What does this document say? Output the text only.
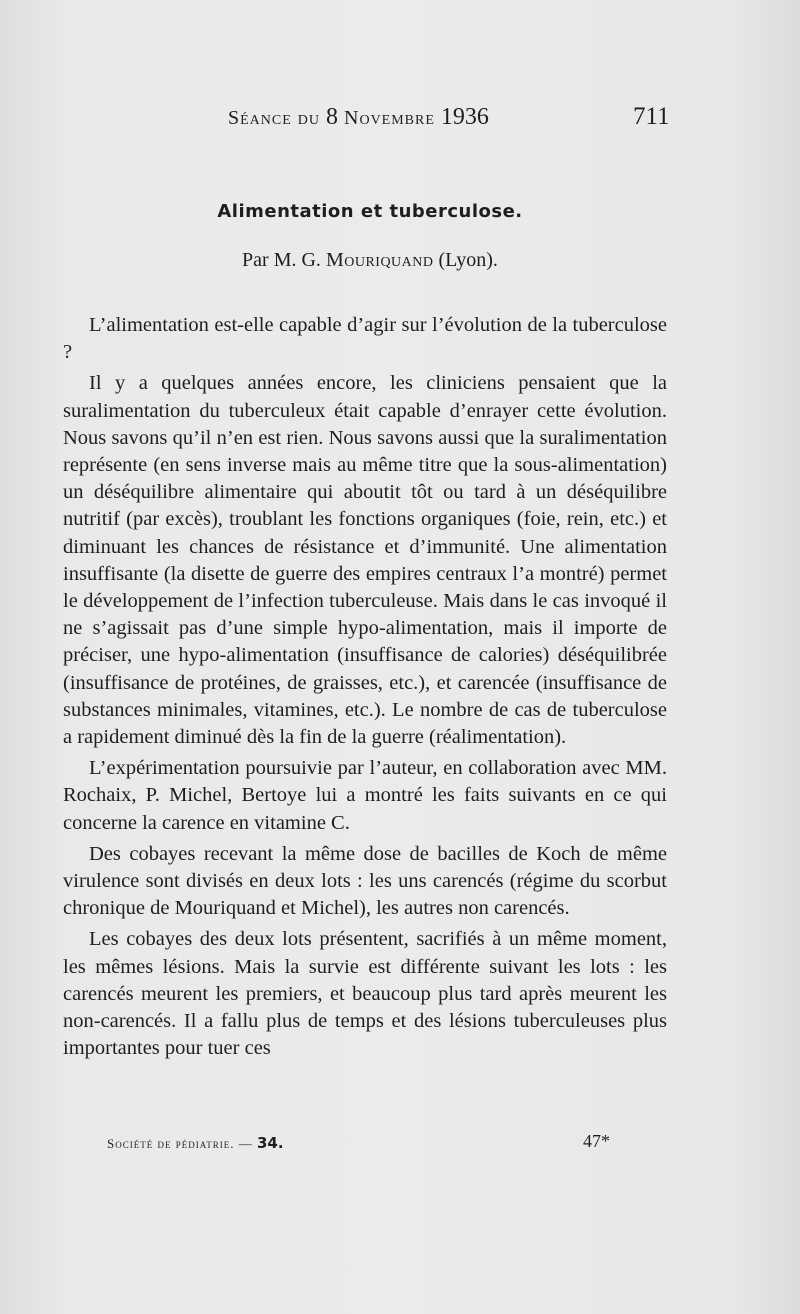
Séance du 8 Novembre 1936	711
Alimentation et tuberculose.
Par M. G. Mouriquand (Lyon).

L’alimentation est-elle capable d’agir sur l’évolution de la tuberculose ?

Il y a quelques années encore, les cliniciens pensaient que la suralimentation du tuberculeux était capable d’enrayer cette évolution. Nous savons qu’il n’en est rien. Nous savons aussi que la suralimentation représente (en sens inverse mais au même titre que la sous-alimentation) un déséquilibre alimentaire qui aboutit tôt ou tard à un déséquilibre nutritif (par excès), troublant les fonctions organiques (foie, rein, etc.) et diminuant les chances de résistance et d’immunité. Une alimentation insuffisante (la disette de guerre des empires centraux l’a montré) permet le développement de l’infection tuberculeuse. Mais dans le cas invoqué il ne s’agissait pas d’une simple hypo-alimentation, mais il importe de préciser, une hypo-alimentation (insuffisance de calories) déséquilibrée (insuffisance de protéines, de graisses, etc.), et carencée (insuffisance de substances minimales, vitamines, etc.). Le nombre de cas de tuberculose a rapidement diminué dès la fin de la guerre (réalimentation).

L’expérimentation poursuivie par l’auteur, en collaboration avec MM. Rochaix, P. Michel, Bertoye lui a montré les faits suivants en ce qui concerne la carence en vitamine C.

Des cobayes recevant la même dose de bacilles de Koch de même virulence sont divisés en deux lots : les uns carencés (régime du scorbut chronique de Mouriquand et Michel), les autres non carencés.

Les cobayes des deux lots présentent, sacrifiés à un même moment, les mêmes lésions. Mais la survie est différente suivant les lots : les carencés meurent les premiers, et beaucoup plus tard après meurent les non-carencés. Il a fallu plus de temps et des lésions tuberculeuses plus importantes pour tuer ces

Société de pédiatrie. — 34.	47*
